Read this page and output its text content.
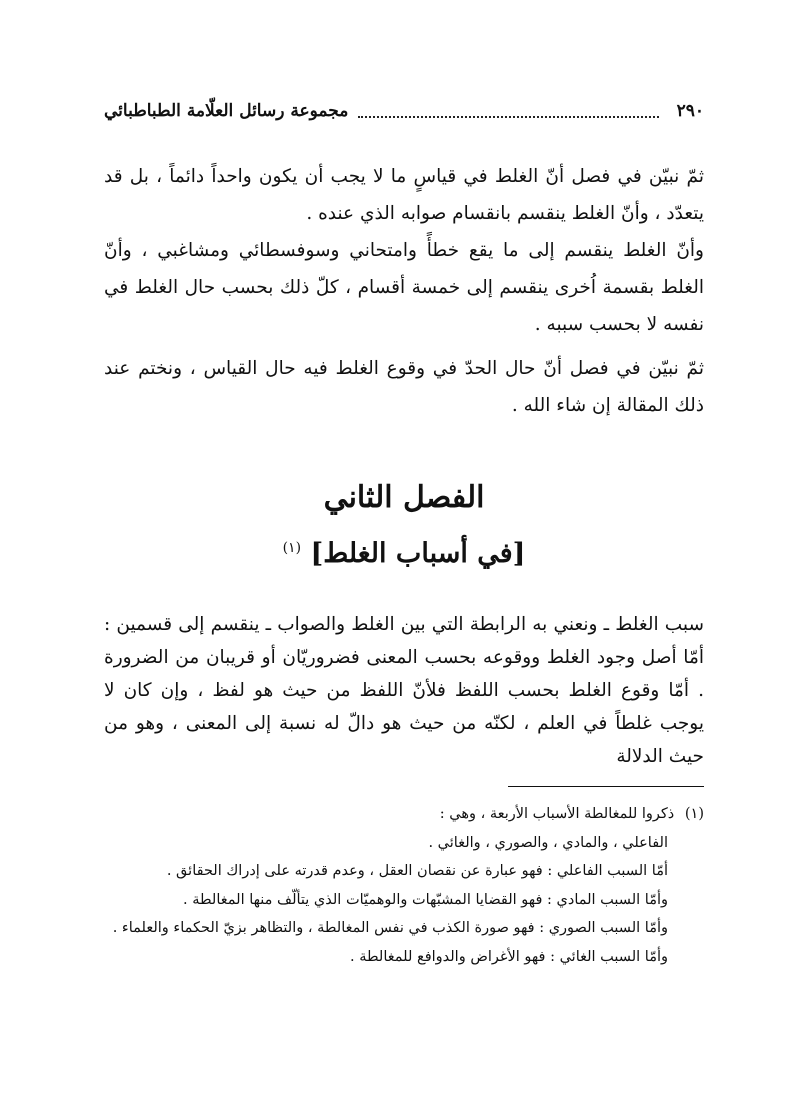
٢٩٠
مجموعة رسائل العلّامة الطباطبائي

ثمّ نبيّن في فصل أنّ الغلط في قياسٍ ما لا يجب أن يكون واحداً دائماً ، بل قد يتعدّد ، وأنّ الغلط ينقسم بانقسام صوابه الذي عنده .

وأنّ الغلط ينقسم إلى ما يقع خطأً وامتحاني وسوفسطائي ومشاغبي ، وأنّ الغلط بقسمة اُخرى ينقسم إلى خمسة أقسام ، كلّ ذلك بحسب حال الغلط في نفسه لا بحسب سببه .

ثمّ نبيّن في فصل أنّ حال الحدّ في وقوع الغلط فيه حال القياس ، ونختم عند ذلك المقالة إن شاء الله .

الفصل الثاني
[في أسباب الغلط] $^{(١)}$

سبب الغلط ـ ونعني به الرابطة التي بين الغلط والصواب ـ ينقسم إلى قسمين : أمّا أصل وجود الغلط ووقوعه بحسب المعنى فضروريّان أو قريبان من الضرورة . أمّا وقوع الغلط بحسب اللفظ فلأنّ اللفظ من حيث هو لفظ ، وإن كان لا يوجب غلطاً في العلم ، لكنّه من حيث هو دالّ له نسبة إلى المعنى ، وهو من حيث الدلالة

(١) ذكروا للمغالطة الأسباب الأربعة ، وهي :

الفاعلي ، والمادي ، والصوري ، والغائي .

أمّا السبب الفاعلي : فهو عبارة عن نقصان العقل ، وعدم قدرته على إدراك الحقائق .

وأمّا السبب المادي : فهو القضايا المشبّهات والوهميّات الذي يتألّف منها المغالطة .

وأمّا السبب الصوري : فهو صورة الكذب في نفس المغالطة ، والتظاهر بزيّ الحكماء والعلماء .

وأمّا السبب الغائي : فهو الأغراض والدوافع للمغالطة .
